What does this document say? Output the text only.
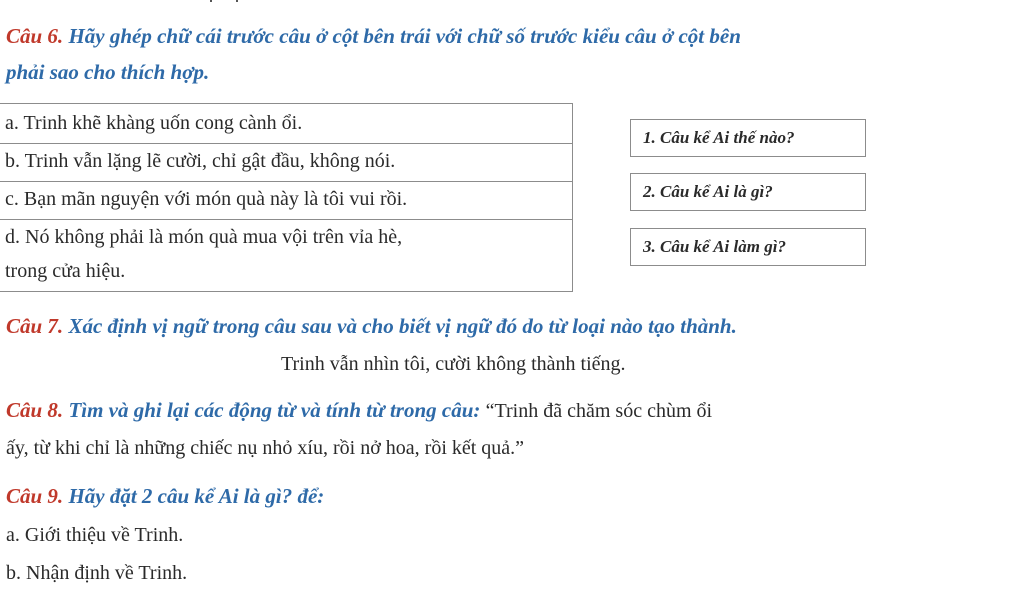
Câu 6. Hãy ghép chữ cái trước câu ở cột bên trái với chữ số trước kiểu câu ở cột bên
phải sao cho thích hợp.
a. Trinh khẽ khàng uốn cong cành ổi.
b. Trinh vẫn lặng lẽ cười, chỉ gật đầu, không nói.
c. Bạn mãn nguyện với món quà này là tôi vui rồi.
d. Nó không phải là món quà mua vội trên vỉa hè,
trong cửa hiệu.
1. Câu kể Ai thế nào?
2. Câu kể Ai là gì?
3. Câu kể Ai làm gì?
Câu 7. Xác định vị ngữ trong câu sau và cho biết vị ngữ đó do từ loại nào tạo thành.
Trinh vẫn nhìn tôi, cười không thành tiếng.
Câu 8. Tìm và ghi lại các động từ và tính từ trong câu: “Trinh đã chăm sóc chùm ổi
ấy, từ khi chỉ là những chiếc nụ nhỏ xíu, rồi nở hoa, rồi kết quả.”
Câu 9. Hãy đặt 2 câu kể Ai là gì? để:
a. Giới thiệu về Trinh.
b. Nhận định về Trinh.
